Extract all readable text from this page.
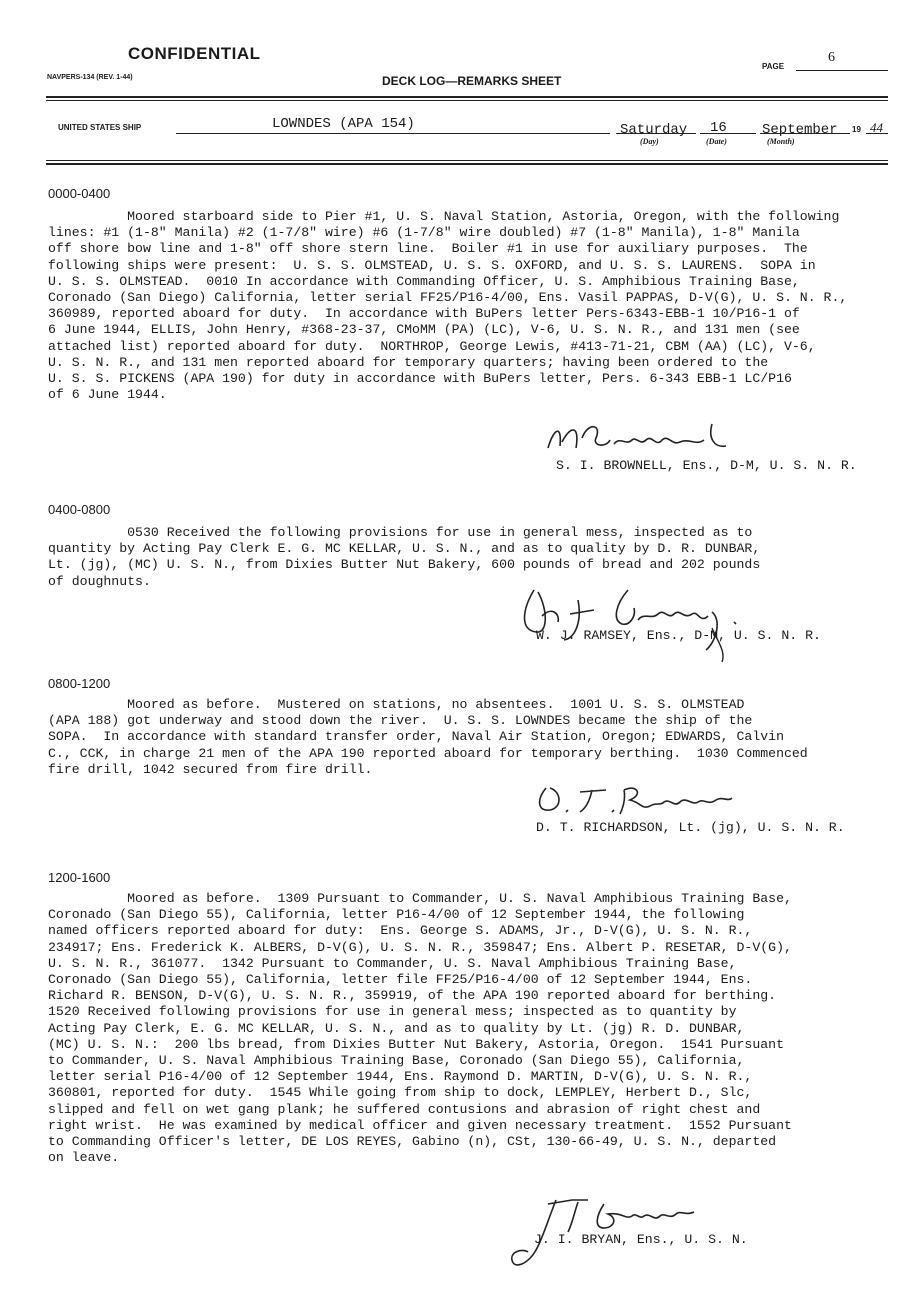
CONFIDENTIAL
NAVPERS-134 (REV. 1-44)	DECK LOG—REMARKS SHEET
PAGE
6
UNITED STATES SHIP	LOWNDES (APA 154)	Saturday
(Day)
16
(Date)
September
(Month)
19 44
0000-0400
Moored starboard side to Pier #1, U. S. Naval Station, Astoria, Oregon, with the following
lines: #1 (1-8" Manila) #2 (1-7/8" wire) #6 (1-7/8" wire doubled) #7 (1-8" Manila), 1-8" Manila
off shore bow line and 1-8" off shore stern line.  Boiler #1 in use for auxiliary purposes.  The
following ships were present:  U. S. S. OLMSTEAD, U. S. S. OXFORD, and U. S. S. LAURENS.  SOPA in
U. S. S. OLMSTEAD.  0010 In accordance with Commanding Officer, U. S. Amphibious Training Base,
Coronado (San Diego) California, letter serial FF25/P16-4/00, Ens. Vasil PAPPAS, D-V(G), U. S. N. R.,
360989, reported aboard for duty.  In accordance with BuPers letter Pers-6343-EBB-1 10/P16-1 of
6 June 1944, ELLIS, John Henry, #368-23-37, CMoMM (PA) (LC), V-6, U. S. N. R., and 131 men (see
attached list) reported aboard for duty.  NORTHROP, George Lewis, #413-71-21, CBM (AA) (LC), V-6,
U. S. N. R., and 131 men reported aboard for temporary quarters; having been ordered to the
U. S. S. PICKENS (APA 190) for duty in accordance with BuPers letter, Pers. 6-343 EBB-1 LC/P16
of 6 June 1944.
S. I. BROWNELL, Ens., D-M, U. S. N. R.
0400-0800
0530 Received the following provisions for use in general mess, inspected as to
quantity by Acting Pay Clerk E. G. MC KELLAR, U. S. N., and as to quality by D. R. DUNBAR,
Lt. (jg), (MC) U. S. N., from Dixies Butter Nut Bakery, 600 pounds of bread and 202 pounds
of doughnuts.
W. J. RAMSEY, Ens., D-M, U. S. N. R.
0800-1200
Moored as before.  Mustered on stations, no absentees.  1001 U. S. S. OLMSTEAD
(APA 188) got underway and stood down the river.  U. S. S. LOWNDES became the ship of the
SOPA.  In accordance with standard transfer order, Naval Air Station, Oregon; EDWARDS, Calvin
C., CCK, in charge 21 men of the APA 190 reported aboard for temporary berthing.  1030 Commenced
fire drill, 1042 secured from fire drill.
D. T. RICHARDSON, Lt. (jg), U. S. N. R.
1200-1600
Moored as before.  1309 Pursuant to Commander, U. S. Naval Amphibious Training Base,
Coronado (San Diego 55), California, letter P16-4/00 of 12 September 1944, the following
named officers reported aboard for duty:  Ens. George S. ADAMS, Jr., D-V(G), U. S. N. R.,
234917; Ens. Frederick K. ALBERS, D-V(G), U. S. N. R., 359847; Ens. Albert P. RESETAR, D-V(G),
U. S. N. R., 361077.  1342 Pursuant to Commander, U. S. Naval Amphibious Training Base,
Coronado (San Diego 55), California, letter file FF25/P16-4/00 of 12 September 1944, Ens.
Richard R. BENSON, D-V(G), U. S. N. R., 359919, of the APA 190 reported aboard for berthing.
1520 Received following provisions for use in general mess; inspected as to quantity by
Acting Pay Clerk, E. G. MC KELLAR, U. S. N., and as to quality by Lt. (jg) R. D. DUNBAR,
(MC) U. S. N.:  200 lbs bread, from Dixies Butter Nut Bakery, Astoria, Oregon.  1541 Pursuant
to Commander, U. S. Naval Amphibious Training Base, Coronado (San Diego 55), California,
letter serial P16-4/00 of 12 September 1944, Ens. Raymond D. MARTIN, D-V(G), U. S. N. R.,
360801, reported for duty.  1545 While going from ship to dock, LEMPLEY, Herbert D., Slc,
slipped and fell on wet gang plank; he suffered contusions and abrasion of right chest and
right wrist.  He was examined by medical officer and given necessary treatment.  1552 Pursuant
to Commanding Officer's letter, DE LOS REYES, Gabino (n), CSt, 130-66-49, U. S. N., departed
on leave.
J. I. BRYAN, Ens., U. S. N.
